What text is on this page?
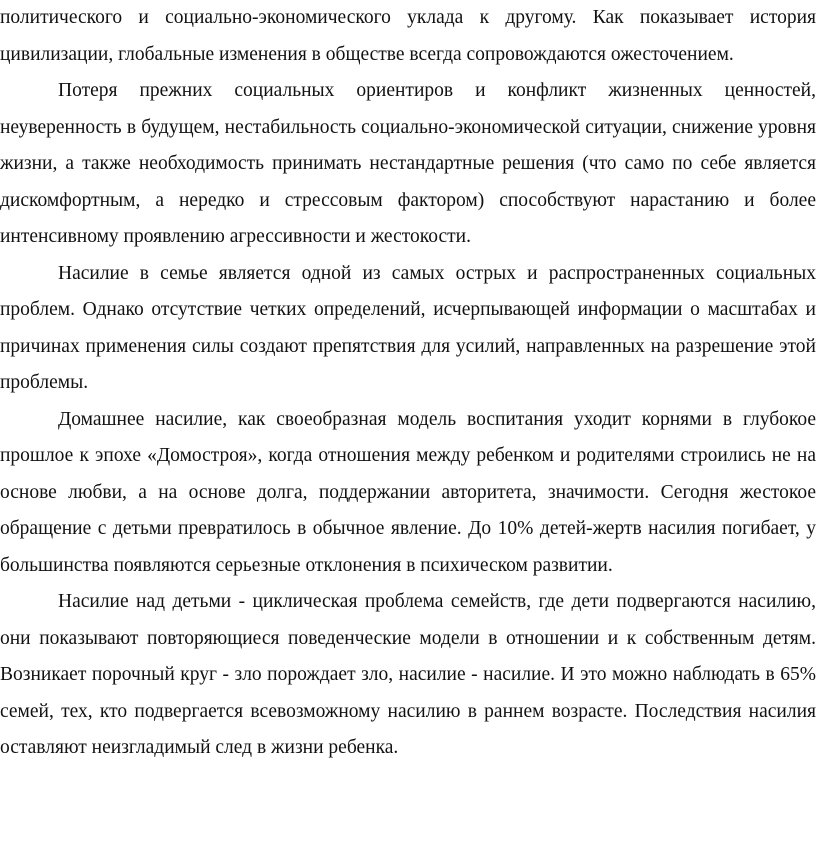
политического и социально-экономического уклада к другому. Как показывает история цивилизации, глобальные изменения в обществе всегда сопровождаются ожесточением.

Потеря прежних социальных ориентиров и конфликт жизненных ценностей, неуверенность в будущем, нестабильность социально-экономической ситуации, снижение уровня жизни, а также необходимость принимать нестандартные решения (что само по себе является дискомфортным, а нередко и стрессовым фактором) способствуют нарастанию и более интенсивному проявлению агрессивности и жестокости.

Насилие в семье является одной из самых острых и распространенных социальных проблем. Однако отсутствие четких определений, исчерпывающей информации о масштабах и причинах применения силы создают препятствия для усилий, направленных на разрешение этой проблемы.

Домашнее насилие, как своеобразная модель воспитания уходит корнями в глубокое прошлое к эпохе «Домостроя», когда отношения между ребенком и родителями строились не на основе любви, а на основе долга, поддержании авторитета, значимости. Сегодня жестокое обращение с детьми превратилось в обычное явление. До 10% детей-жертв насилия погибает, у большинства появляются серьезные отклонения в психическом развитии.

Насилие над детьми - циклическая проблема семейств, где дети подвергаются насилию, они показывают повторяющиеся поведенческие модели в отношении и к собственным детям. Возникает порочный круг - зло порождает зло, насилие - насилие. И это можно наблюдать в 65% семей, тех, кто подвергается всевозможному насилию в раннем возрасте. Последствия насилия оставляют неизгладимый след в жизни ребенка.
